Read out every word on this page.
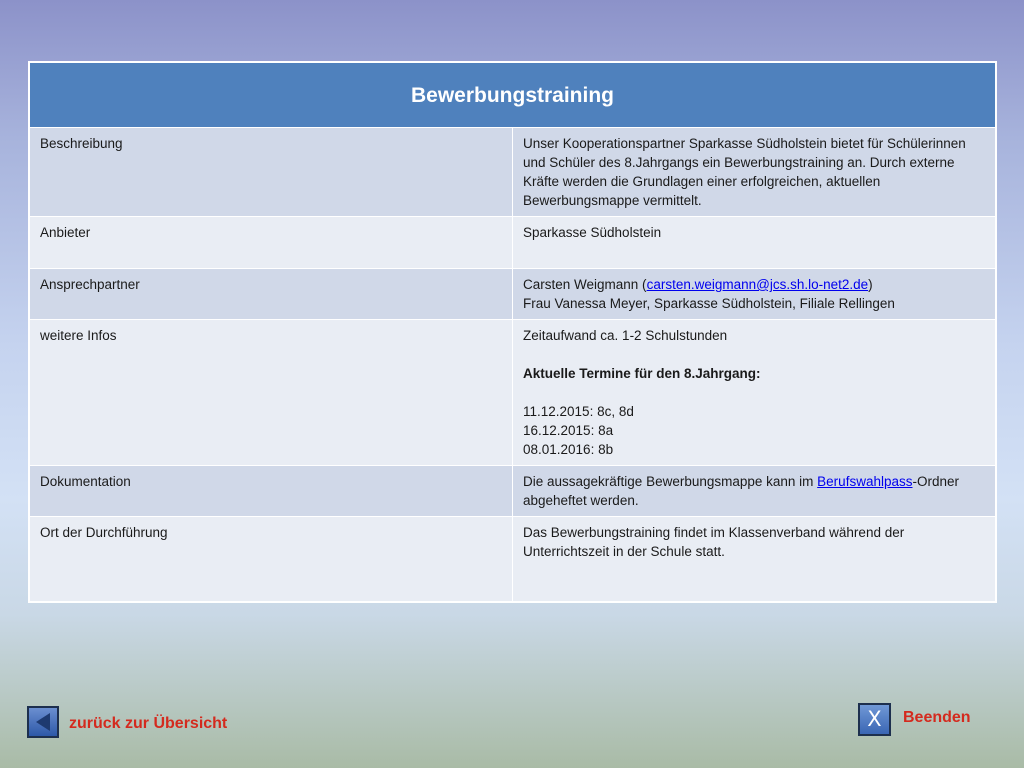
Bewerbungstraining	
Beschreibung	Unser Kooperationspartner Sparkasse Südholstein bietet für Schülerinnen und Schüler des 8.Jahrgangs ein Bewerbungstraining an. Durch externe Kräfte werden die Grundlagen einer erfolgreichen, aktuellen Bewerbungsmappe vermittelt.
Anbieter	Sparkasse Südholstein
Ansprechpartner	Carsten Weigmann (carsten.weigmann@jcs.sh.lo-net2.de)
Frau Vanessa Meyer, Sparkasse Südholstein, Filiale Rellingen

weitere Infos	Zeitaufwand ca. 1-2 Schulstunden
Aktuelle Termine für den 8.Jahrgang:
11.12.2015: 8c, 8d
16.12.2015: 8a
08.01.2016: 8b

Dokumentation	Die aussagekräftige Bewerbungsmappe kann im Berufswahlpass-Ordner abgeheftet werden.
Ort der Durchführung	Das Bewerbungstraining findet im Klassenverband während der Unterrichtszeit in der Schule statt.
zurück zur Übersicht	X	Beenden
